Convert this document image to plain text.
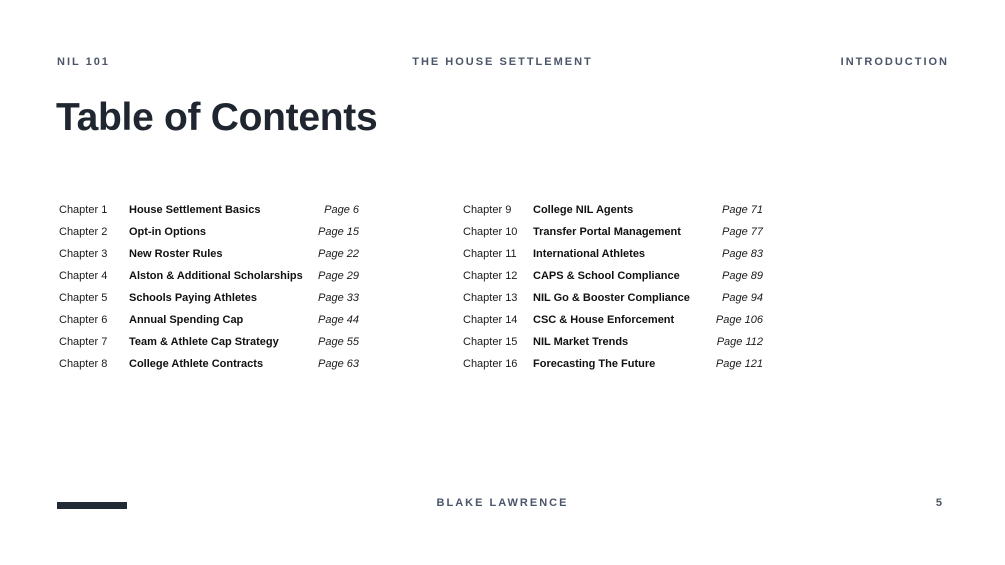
NIL 101	THE HOUSE SETTLEMENT	INTRODUCTION
Table of Contents
Chapter 1 House Settlement Basics	Page 6
Chapter 2 Opt-in Options	Page 15
Chapter 3 New Roster Rules	Page 22
Chapter 4 Alston & Additional Scholarships Page 29
Chapter 5 Schools Paying Athletes	Page 33
Chapter 6 Annual Spending Cap	Page 44
Chapter 7 Team & Athlete Cap Strategy	Page 55
Chapter 8 College Athlete Contracts	Page 63
Chapter 9 College NIL Agents	Page 71
Chapter 10 Transfer Portal Management	Page 77
Chapter 11 International Athletes	Page 83
Chapter 12 CAPS & School Compliance	Page 89
Chapter 13 NIL Go & Booster Compliance	Page 94
Chapter 14 CSC & House Enforcement	Page 106
Chapter 15 NIL Market Trends	Page 112
Chapter 16 Forecasting The Future	Page 121
BLAKE LAWRENCE	5
